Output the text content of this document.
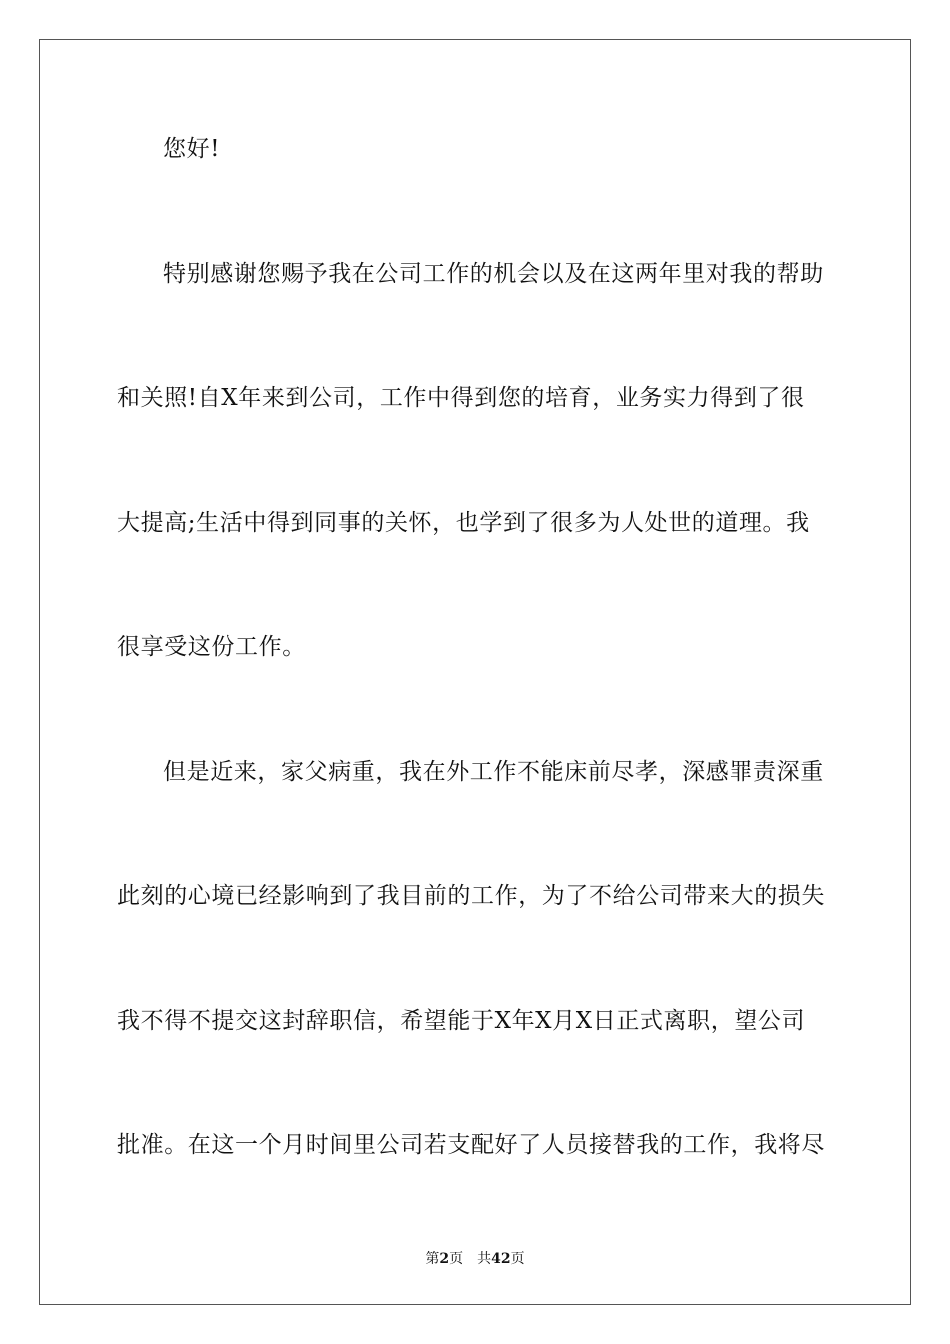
您好!
特别感谢您赐予我在公司工作的机会以及在这两年里对我的帮助
和关照!自X年来到公司，工作中得到您的培育，业务实力得到了很
大提高;生活中得到同事的关怀，也学到了很多为人处世的道理。我
很享受这份工作。
但是近来，家父病重，我在外工作不能床前尽孝，深感罪责深重
此刻的心境已经影响到了我目前的工作，为了不给公司带来大的损失
我不得不提交这封辞职信，希望能于X年X月X日正式离职，望公司
批准。在这一个月时间里公司若支配好了人员接替我的工作，我将尽
第2页 共42页
